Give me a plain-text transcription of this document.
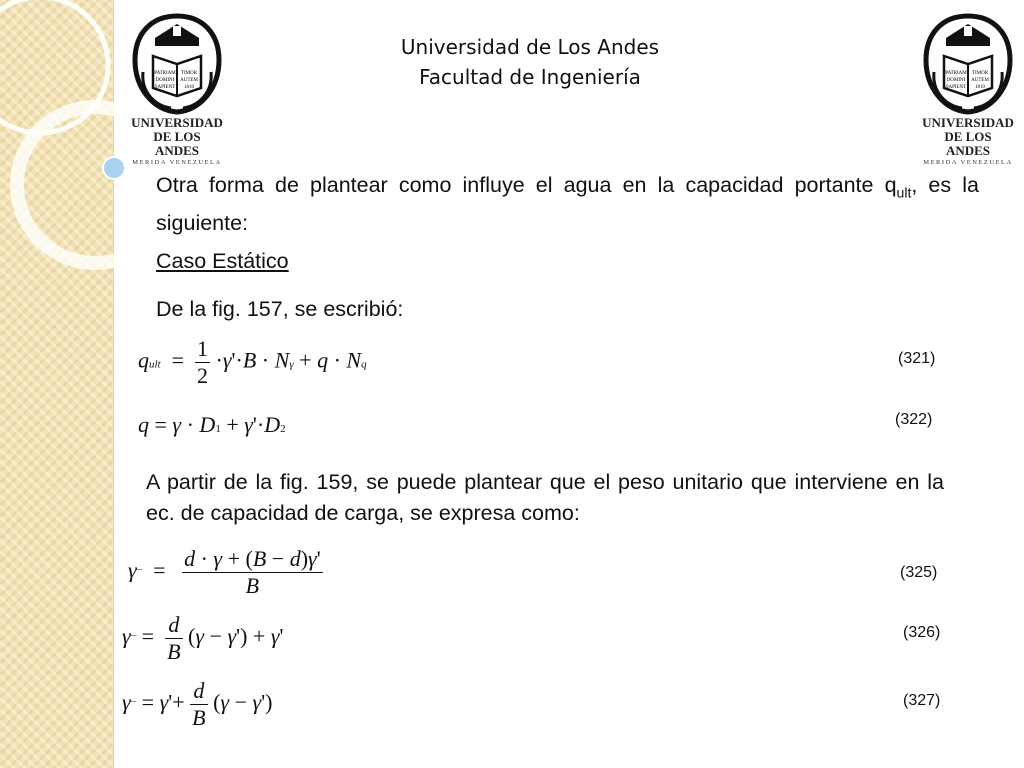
PATRIAM TIMOR
DOMINI AUTEM
SAPIENT 1810
UNIVERSIDAD
DE LOS ANDES
MERIDA VENEZUELA
PATRIAM TIMOR
DOMINI AUTEM
SAPIENT 1810
UNIVERSIDAD
DE LOS ANDES
MERIDA VENEZUELA
Universidad de Los Andes
Facultad de Ingeniería
Otra forma de plantear como influye el agua en la capacidad portante $q_{ult}$, es la siguiente:
Caso Estático
De la fig. 157, se escribió:
qult  = $\frac{1}{2} \cdot\gamma'\cdot B \cdot N\gamma + q \cdot Nq$	(321)
q = γ · D1 + γ'·D2
(322)
A partir de la fig. 159, se puede plantear que el peso unitario que interviene en la ec. de capacidad de carga, se expresa como:
γ¯  = $\frac{d \cdot \gamma + (B - d)\gamma'}{B}$	(325)
γ¯ = $\frac{d}{B} (\gamma - \gamma') + \gamma'$	(326)
γ¯ = $\gamma'+ \frac{d}{B} (\gamma - \gamma')$	(327)
